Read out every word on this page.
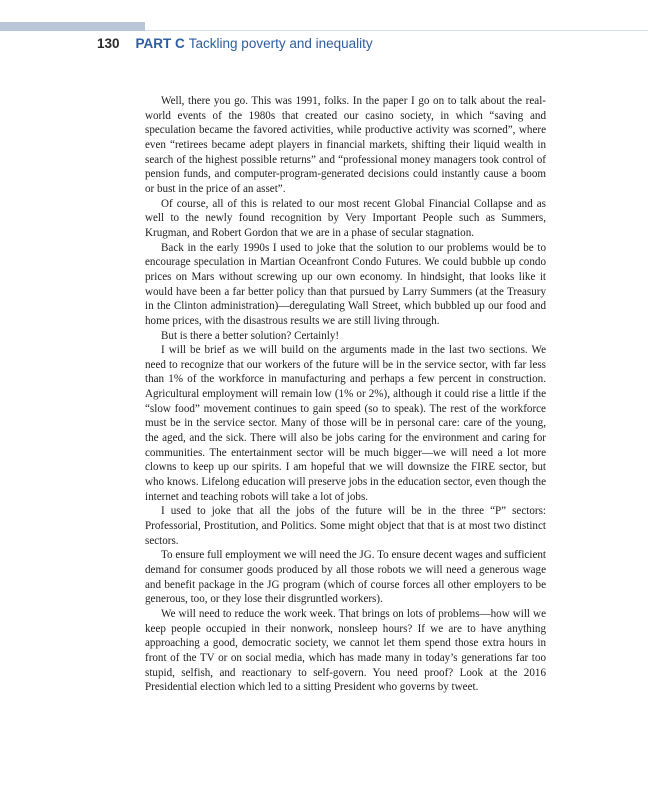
130 PART C Tackling poverty and inequality

Well, there you go. This was 1991, folks. In the paper I go on to talk about the real-world events of the 1980s that created our casino society, in which “saving and speculation became the favored activities, while productive activity was scorned”, where even “retirees became adept players in financial markets, shifting their liquid wealth in search of the highest possible returns” and “professional money managers took control of pension funds, and computer-program-generated decisions could instantly cause a boom or bust in the price of an asset”.

Of course, all of this is related to our most recent Global Financial Collapse and as well to the newly found recognition by Very Important People such as Summers, Krugman, and Robert Gordon that we are in a phase of secular stagnation.

Back in the early 1990s I used to joke that the solution to our problems would be to encourage speculation in Martian Oceanfront Condo Futures. We could bubble up condo prices on Mars without screwing up our own economy. In hindsight, that looks like it would have been a far better policy than that pursued by Larry Summers (at the Treasury in the Clinton administration)—deregulating Wall Street, which bubbled up our food and home prices, with the disastrous results we are still living through.

But is there a better solution? Certainly!

I will be brief as we will build on the arguments made in the last two sections. We need to recognize that our workers of the future will be in the service sector, with far less than 1% of the workforce in manufacturing and perhaps a few percent in construction. Agricultural employment will remain low (1% or 2%), although it could rise a little if the “slow food” movement continues to gain speed (so to speak). The rest of the workforce must be in the service sector. Many of those will be in personal care: care of the young, the aged, and the sick. There will also be jobs caring for the environment and caring for communities. The entertainment sector will be much bigger—we will need a lot more clowns to keep up our spirits. I am hopeful that we will downsize the FIRE sector, but who knows. Lifelong education will preserve jobs in the education sector, even though the internet and teaching robots will take a lot of jobs.

I used to joke that all the jobs of the future will be in the three “P” sectors: Professorial, Prostitution, and Politics. Some might object that that is at most two distinct sectors.

To ensure full employment we will need the JG. To ensure decent wages and sufficient demand for consumer goods produced by all those robots we will need a generous wage and benefit package in the JG program (which of course forces all other employers to be generous, too, or they lose their disgruntled workers).

We will need to reduce the work week. That brings on lots of problems—how will we keep people occupied in their nonwork, nonsleep hours? If we are to have anything approaching a good, democratic society, we cannot let them spend those extra hours in front of the TV or on social media, which has made many in today’s generations far too stupid, selfish, and reactionary to self-govern. You need proof? Look at the 2016 Presidential election which led to a sitting President who governs by tweet.
